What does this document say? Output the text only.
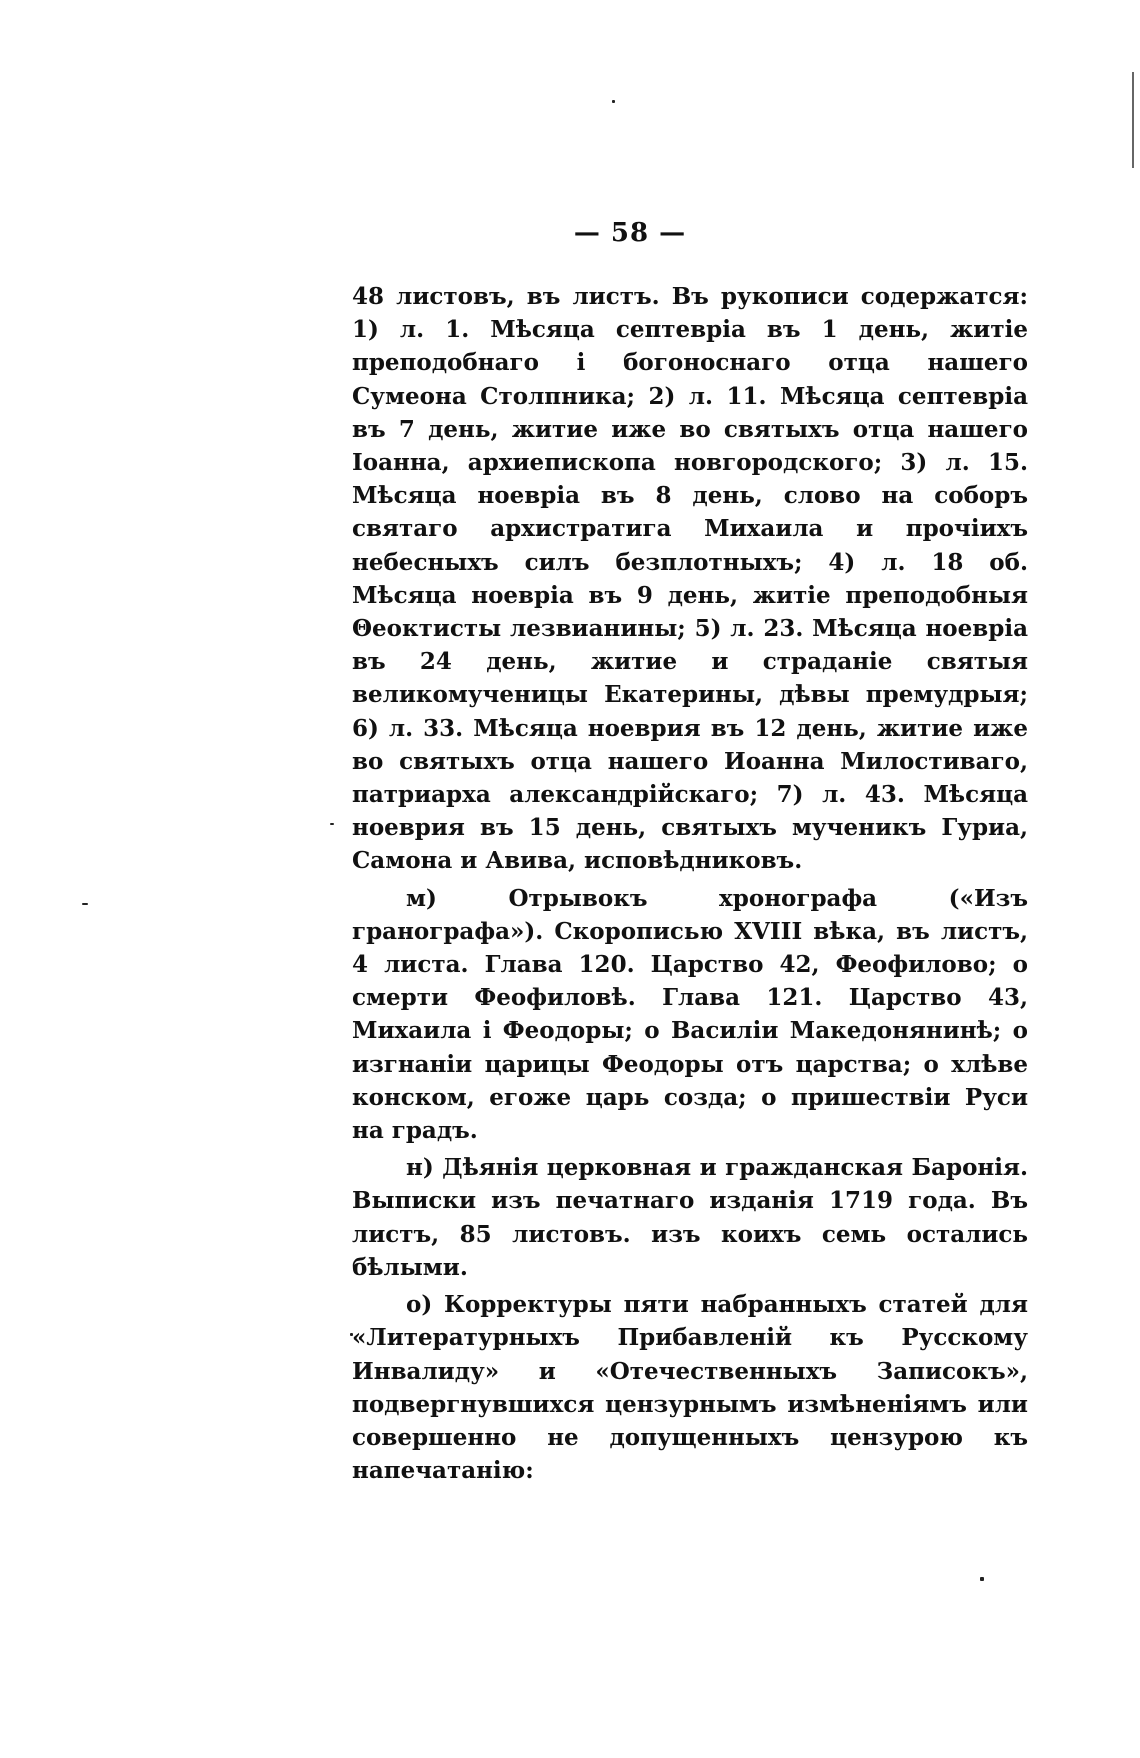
— 58 —

48 листовъ, въ листъ. Въ рукописи содержатся: 1) л. 1. Мѣсяца сeптеврiа въ 1 день, житiе преподобнаго i богоноснаго отца нашего Сумеона Столпника; 2) л. 11. Мѣсяца сeптеврiа въ 7 день, житие иже во святыхъ отца нашего Iоанна, архиепископа новгородского; 3) л. 15. Мѣсяца ноеврiа въ 8 день, слово на соборъ святаго архистратига Михаила и прочiихъ небесныхъ силъ безплотныхъ; 4) л. 18 об. Мѣсяца ноеврiа въ 9 день, житiе преподобныя Θеоктисты лезвианины; 5) л. 23. Мѣсяца ноеврiа въ 24 день, житие и страданiе святыя великомученицы Екатерины, дѣвы премудрыя; 6) л. 33. Мѣсяца ноеврия въ 12 день, житие иже во святыхъ отца нашего Иоанна Милостиваго, патриарха александрiйскаго; 7) л. 43. Мѣсяца ноеврия въ 15 день, святыхъ мученикъ Гуриа, Самона и Авива, исповѣдниковъ.

м) Отрывокъ хронографа («Изъ гранографа»). Скорописью XVIII вѣка, въ листъ, 4 листа. Глава 120. Царство 42, Феофилово; о смерти Феофиловѣ. Глава 121. Царство 43, Михаила i Феодоры; о Василiи Македонянинѣ; о изгнанiи царицы Феодоры отъ царства; о хлѣве конском, егоже царь созда; о пришествiи Руси на градъ.

н) Дѣянiя церковная и гражданская Баронiя. Выписки изъ печатнаго изданiя 1719 года. Въ листъ, 85 листовъ. изъ коихъ семь остались бѣлыми.

о) Корректуры пяти набранныхъ статей для «Литературныхъ Прибавленiй къ Русскому Инвалиду» и «Отечественныхъ Записокъ», подвергнувшихся цензурнымъ измѣненiямъ или совершенно не допущенныхъ цензурою къ напечатанiю:
